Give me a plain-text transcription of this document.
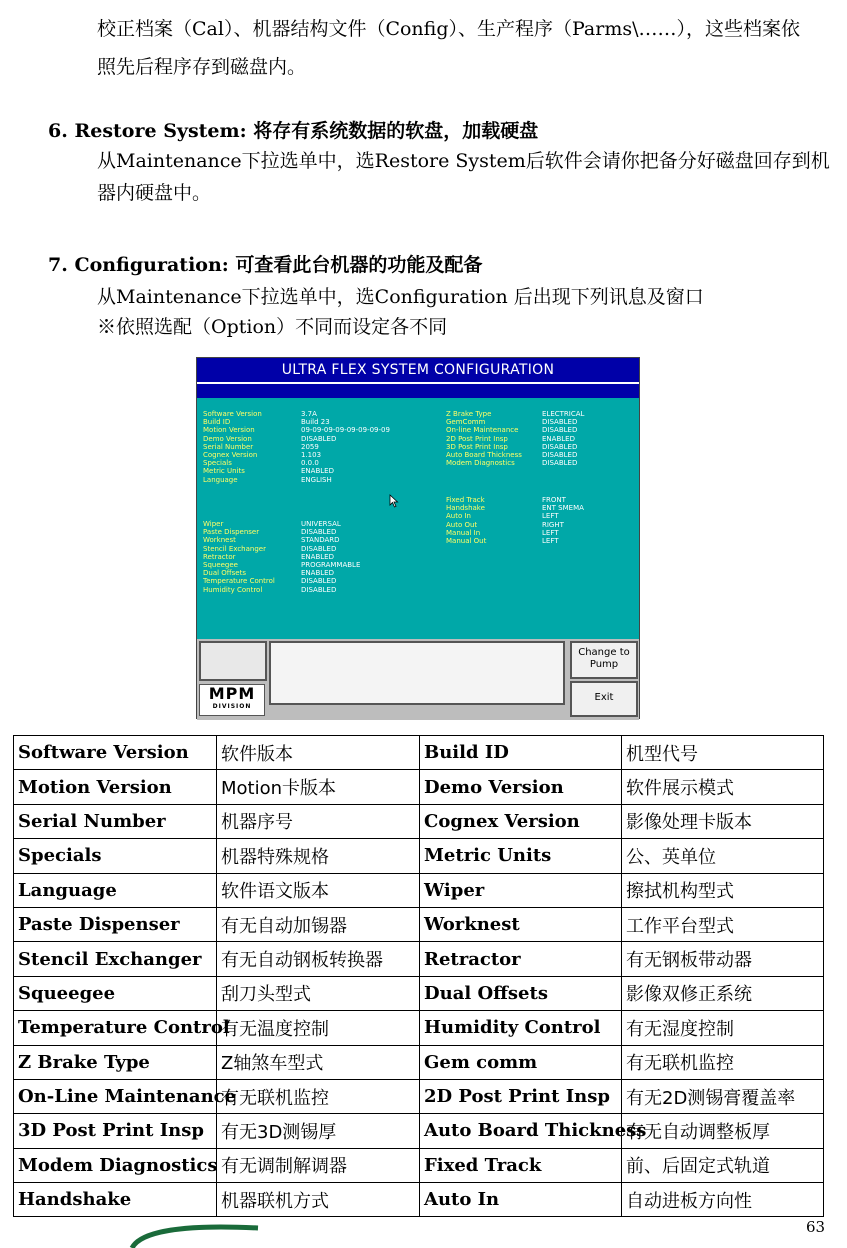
校正档案（Cal）、机器结构文件（Config）、生产程序（Parms\……），这些档案依
照先后程序存到磁盘内。
6. Restore System: 将存有系统数据的软盘，加载硬盘
从Maintenance下拉选单中，选Restore System后软件会请你把备分好磁盘回存到机
器内硬盘中。
7. Configuration: 可查看此台机器的功能及配备
从Maintenance下拉选单中，选Configuration 后出现下列讯息及窗口
※依照选配（Option）不同而设定各不同
ULTRA FLEX SYSTEM CONFIGURATION
Software Version	3.7A
Build ID	Build 23
Motion Version	09-09-09-09-09-09-09-09
Demo Version	DISABLED
Serial Number	2059
Cognex Version	1.103
Specials	0.0.0
Metric Units	ENABLED
Language	ENGLISH
Wiper	UNIVERSAL
Paste Dispenser	DISABLED
Worknest	STANDARD
Stencil Exchanger	DISABLED
Retractor	ENABLED
Squeegee	PROGRAMMABLE
Dual Offsets	ENABLED
Temperature Control	DISABLED
Humidity Control	DISABLED
Z Brake Type	ELECTRICAL
GemComm	DISABLED
On-line Maintenance	DISABLED
2D Post Print Insp	ENABLED
3D Post Print Insp	DISABLED
Auto Board Thickness	DISABLED
Modem Diagnostics	DISABLED
Fixed Track	FRONT
Handshake	ENT SMEMA
Auto In	LEFT
Auto Out	RIGHT
Manual In	LEFT
Manual Out	LEFT
MPM
DIVISION
Change to Pump
Exit
Software Version	软件版本	Build ID	机型代号
Motion Version	Motion卡版本	Demo Version	软件展示模式
Serial Number	机器序号	Cognex Version	影像处理卡版本
Specials	机器特殊规格	Metric Units	公、英单位
Language	软件语文版本	Wiper	擦拭机构型式
Paste Dispenser	有无自动加锡器	Worknest	工作平台型式
Stencil Exchanger	有无自动钢板转换器	Retractor	有无钢板带动器
Squeegee	刮刀头型式	Dual Offsets	影像双修正系统
Temperature Control	有无温度控制	Humidity Control	有无湿度控制
Z Brake Type	Z轴煞车型式	Gem comm	有无联机监控
On-Line Maintenance	有无联机监控	2D Post Print Insp	有无2D测锡膏覆盖率
3D Post Print Insp	有无3D测锡厚	Auto Board Thickness	有无自动调整板厚
Modem Diagnostics	有无调制解调器	Fixed Track	前、后固定式轨道
Handshake	机器联机方式	Auto In	自动进板方向性
63
